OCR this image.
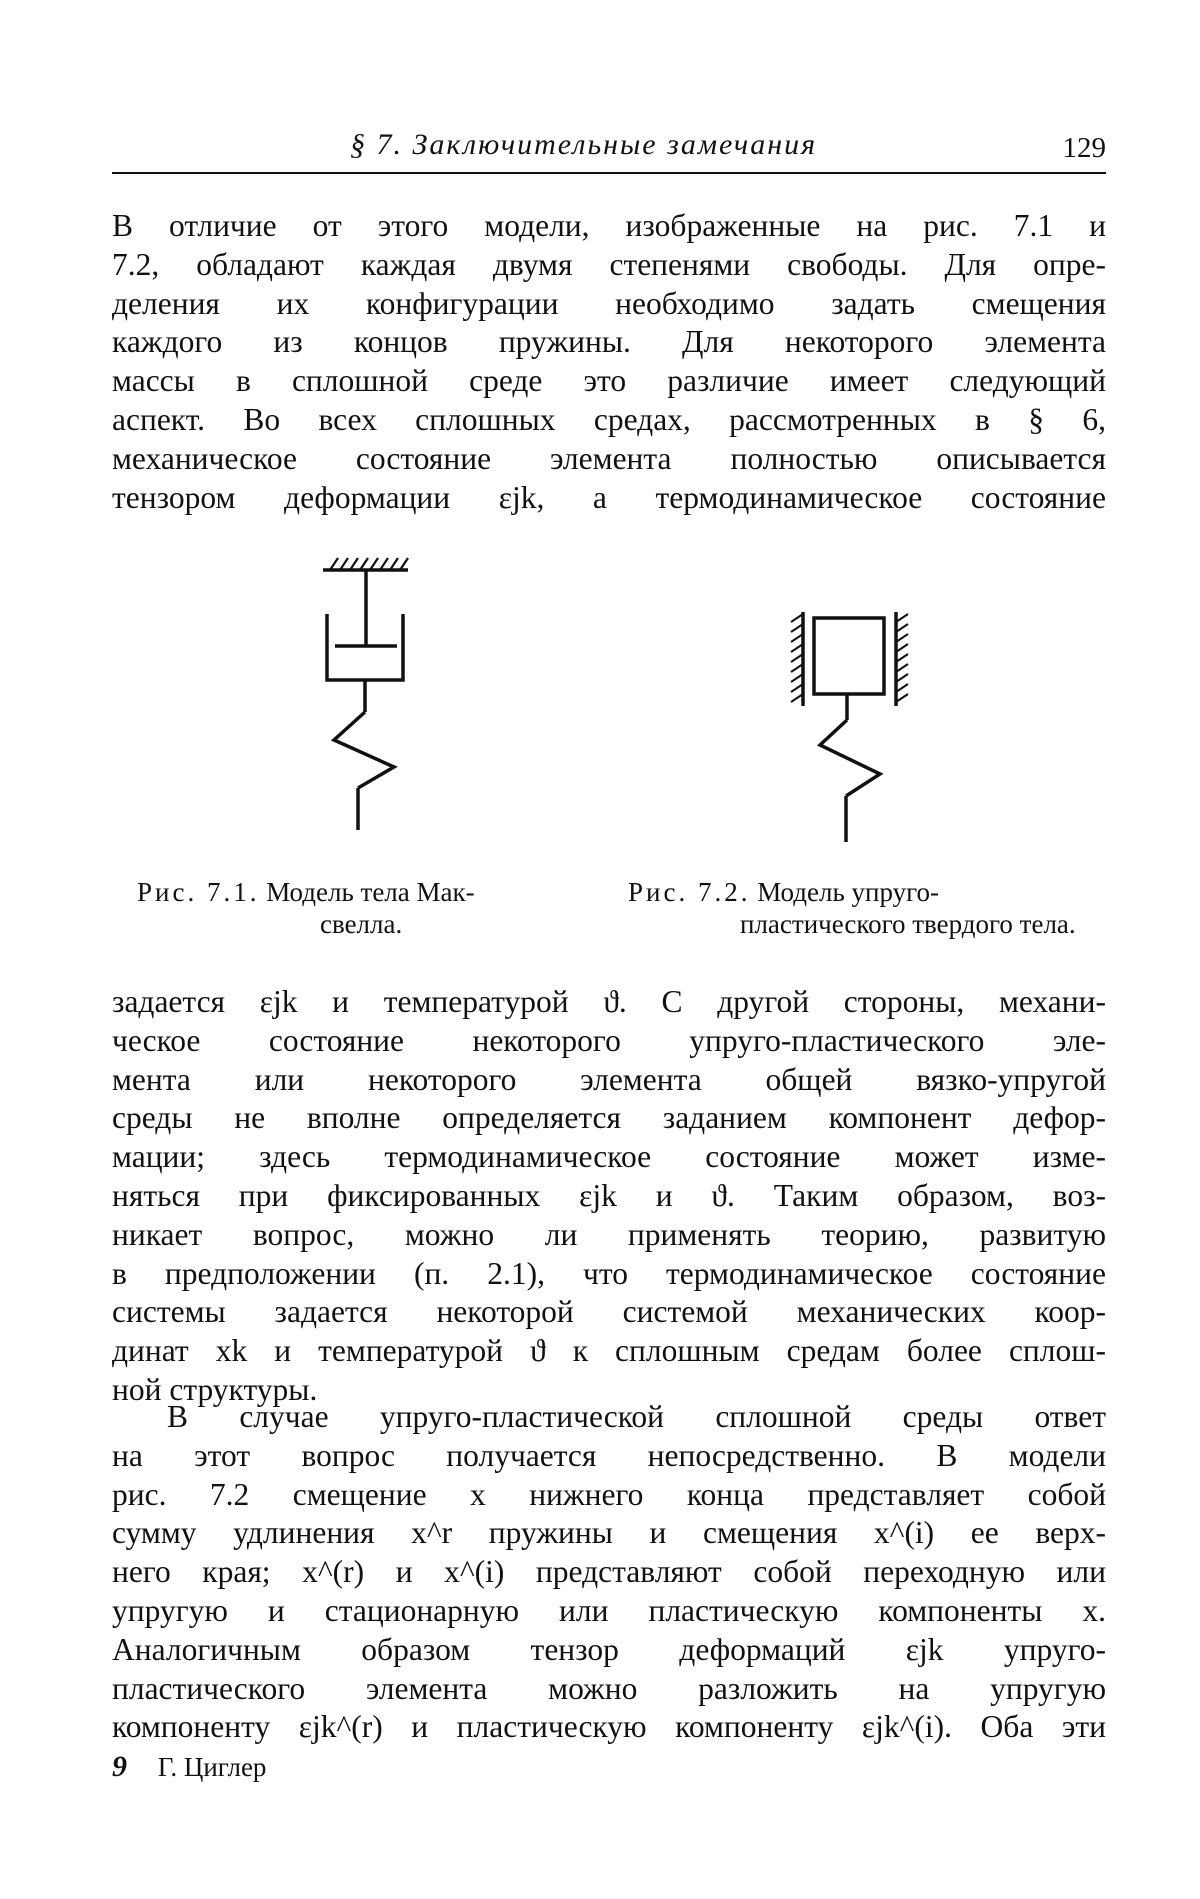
§ 7. Заключительные замечания	129
В отличие от этого модели, изображенные на рис. 7.1 и
7.2, обладают каждая двумя степенями свободы. Для опре-
деления их конфигурации необходимо задать смещения
каждого из концов пружины. Для некоторого элемента
массы в сплошной среде это различие имеет следующий
аспект. Во всех сплошных средах, рассмотренных в § 6,
механическое состояние элемента полностью описывается
тензором деформации εjk, а термодинамическое состояние
Рис. 7.1. Модель тела Мак-
свелла.
Рис. 7.2. Модель упруго-
пластического твердого тела.
задается εjk и температурой ϑ. С другой стороны, механи-
ческое состояние некоторого упруго-пластического эле-
мента или некоторого элемента общей вязко-упругой
среды не вполне определяется заданием компонент дефор-
мации; здесь термодинамическое состояние может изме-
няться при фиксированных εjk и ϑ. Таким образом, воз-
никает вопрос, можно ли применять теорию, развитую
в предположении (п. 2.1), что термодинамическое состояние
системы задается некоторой системой механических коор-
динат xk и температурой ϑ к сплошным средам более сплош-
ной структуры.
В случае упруго-пластической сплошной среды ответ
на этот вопрос получается непосредственно. В модели
рис. 7.2 смещение x нижнего конца представляет собой
сумму удлинения x^r пружины и смещения x^(i) ее верх-
него края; x^(r) и x^(i) представляют собой переходную или
упругую и стационарную или пластическую компоненты x.
Аналогичным образом тензор деформаций εjk упруго-
пластического элемента можно разложить на упругую
компоненту εjk^(r) и пластическую компоненту εjk^(i). Оба эти
9 Г. Циглер
